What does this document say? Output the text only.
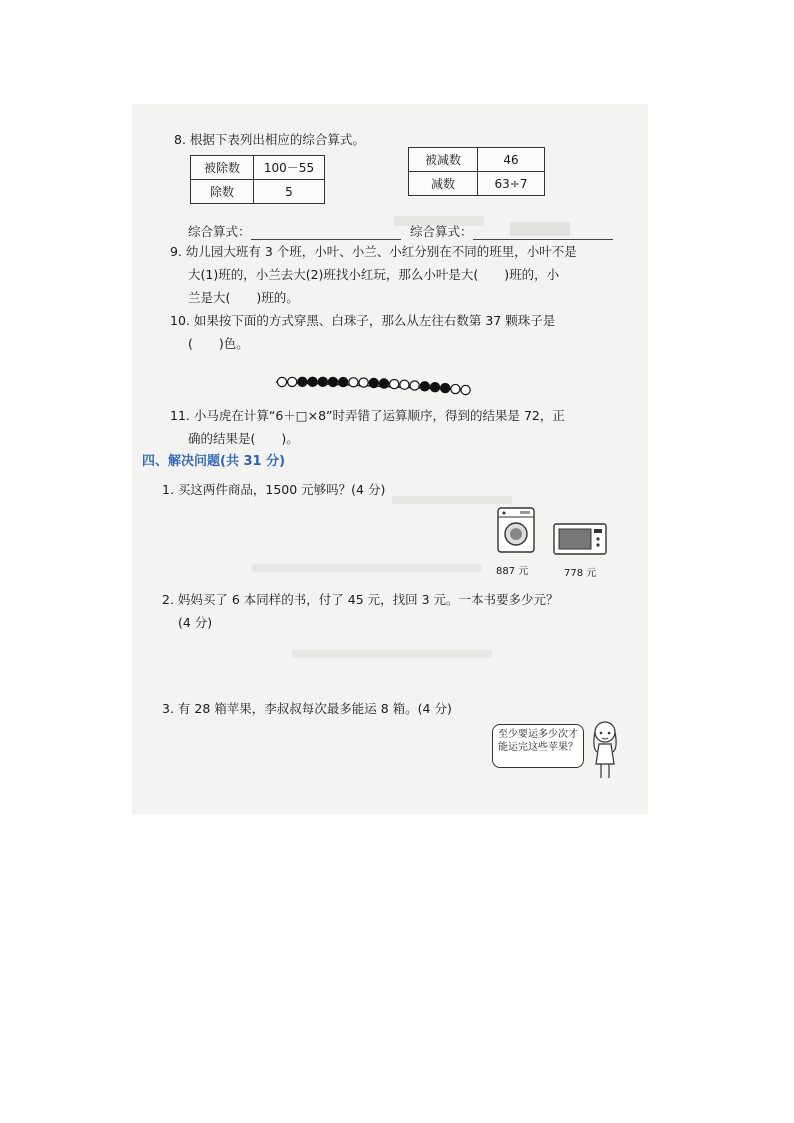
8. 根据下表列出相应的综合算式。
被除数	100－55
除数	5
被减数	46
减数	63÷7
综合算式：	综合算式：
9. 幼儿园大班有 3 个班，小叶、小兰、小红分别在不同的班里，小叶不是
大(1)班的，小兰去大(2)班找小红玩，那么小叶是大( )班的，小
兰是大( )班的。
10. 如果按下面的方式穿黑、白珠子，那么从左往右数第 37 颗珠子是
( )色。
11. 小马虎在计算“6＋□×8”时弄错了运算顺序，得到的结果是 72，正
确的结果是( )。
四、解决问题(共 31 分)
1. 买这两件商品，1500 元够吗？(4 分)
887 元	778 元
2. 妈妈买了 6 本同样的书，付了 45 元，找回 3 元。一本书要多少元？
(4 分)
3. 有 28 箱苹果，李叔叔每次最多能运 8 箱。(4 分)
至少要运多少次才能运完这些苹果？
